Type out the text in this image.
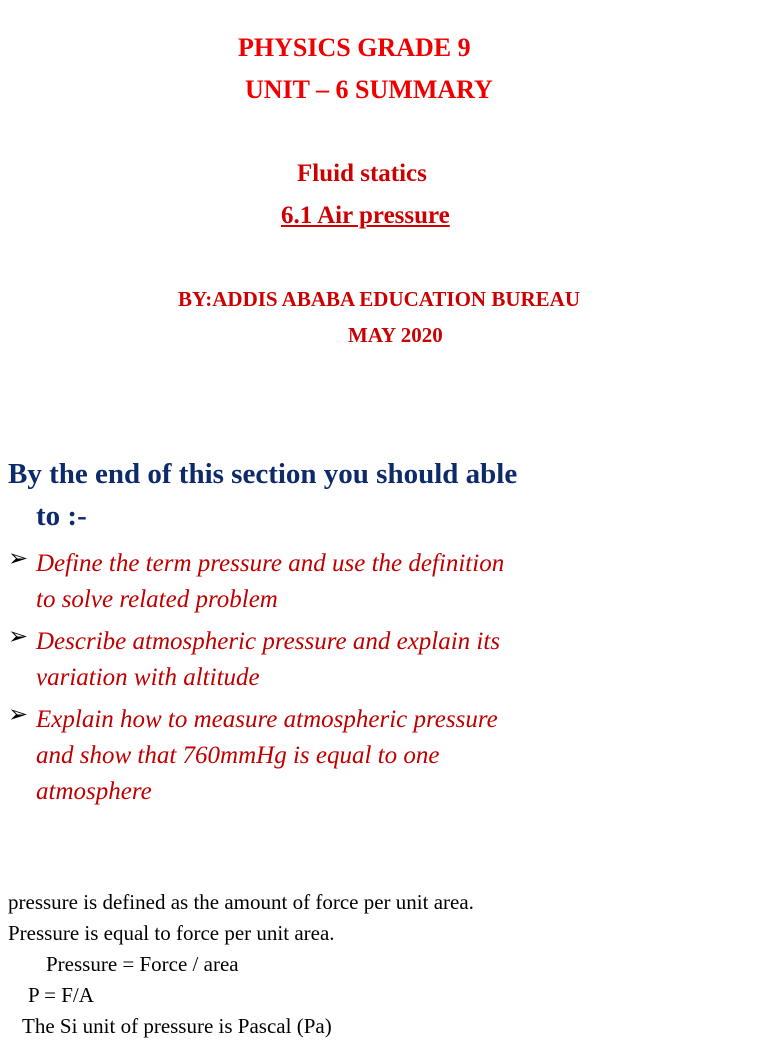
PHYSICS GRADE 9
UNIT – 6 SUMMARY
Fluid statics
6.1 Air pressure
BY:ADDIS ABABA EDUCATION BUREAU
MAY 2020
By the end of this section you should able
to :-
➢ Define the term pressure and use the definition
to solve related problem
➢ Describe atmospheric pressure and explain its
variation with altitude
➢ Explain how to measure atmospheric pressure
and show that 760mmHg is equal to one
atmosphere
pressure is defined as the amount of force per unit area.
Pressure is equal to force per unit area.
Pressure = Force / area
P = F/A
The Si unit of pressure is Pascal (Pa)
